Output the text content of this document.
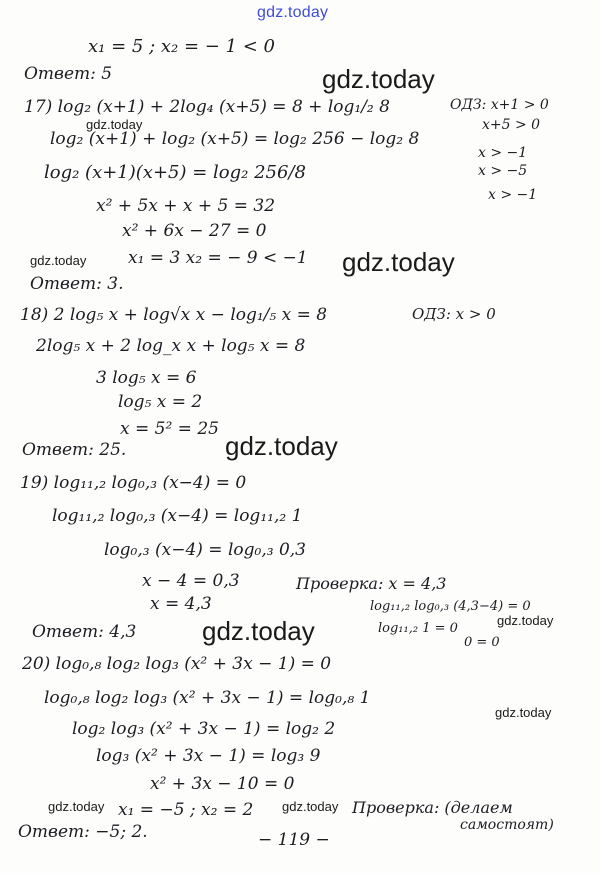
gdz.today
gdz.today
gdz.today
gdz.today	gdz.today
gdz.today
gdz.today	gdz.today
gdz.today
gdz.today	gdz.today
x₁ = 5 ; x₂ = − 1 < 0
Ответ: 5
17) log₂ (x+1) + 2log₄ (x+5) = 8 + log₁/₂ 8	ОДЗ: x+1 > 0
log₂ (x+1) + log₂ (x+5) = log₂ 256 − log₂ 8
x+5 > 0
log₂ (x+1)(x+5) = log₂ 256/8
x > −1
x > −5
x > −1
x² + 5x + x + 5 = 32
x² + 6x − 27 = 0
x₁ = 3 x₂ = − 9 < −1
Ответ: 3.
18) 2 log₅ x + log√x x − log₁/₅ x = 8	ОДЗ: x > 0
2log₅ x + 2 log_x x + log₅ x = 8
3 log₅ x = 6
log₅ x = 2
x = 5² = 25
Ответ: 25.
19) log₁₁,₂ log₀,₃ (x−4) = 0
log₁₁,₂ log₀,₃ (x−4) = log₁₁,₂ 1
log₀,₃ (x−4) = log₀,₃ 0,3
x − 4 = 0,3	Проверка: x = 4,3
x = 4,3	log₁₁,₂ log₀,₃ (4,3−4) = 0
Ответ: 4,3	log₁₁,₂ 1 = 0
0 = 0
20) log₀,₈ log₂ log₃ (x² + 3x − 1) = 0
log₀,₈ log₂ log₃ (x² + 3x − 1) = log₀,₈ 1
log₂ log₃ (x² + 3x − 1) = log₂ 2
log₃ (x² + 3x − 1) = log₃ 9
x² + 3x − 10 = 0
x₁ = −5 ; x₂ = 2	Проверка: (делаем
самостоят)
Ответ: −5; 2.	− 119 −
